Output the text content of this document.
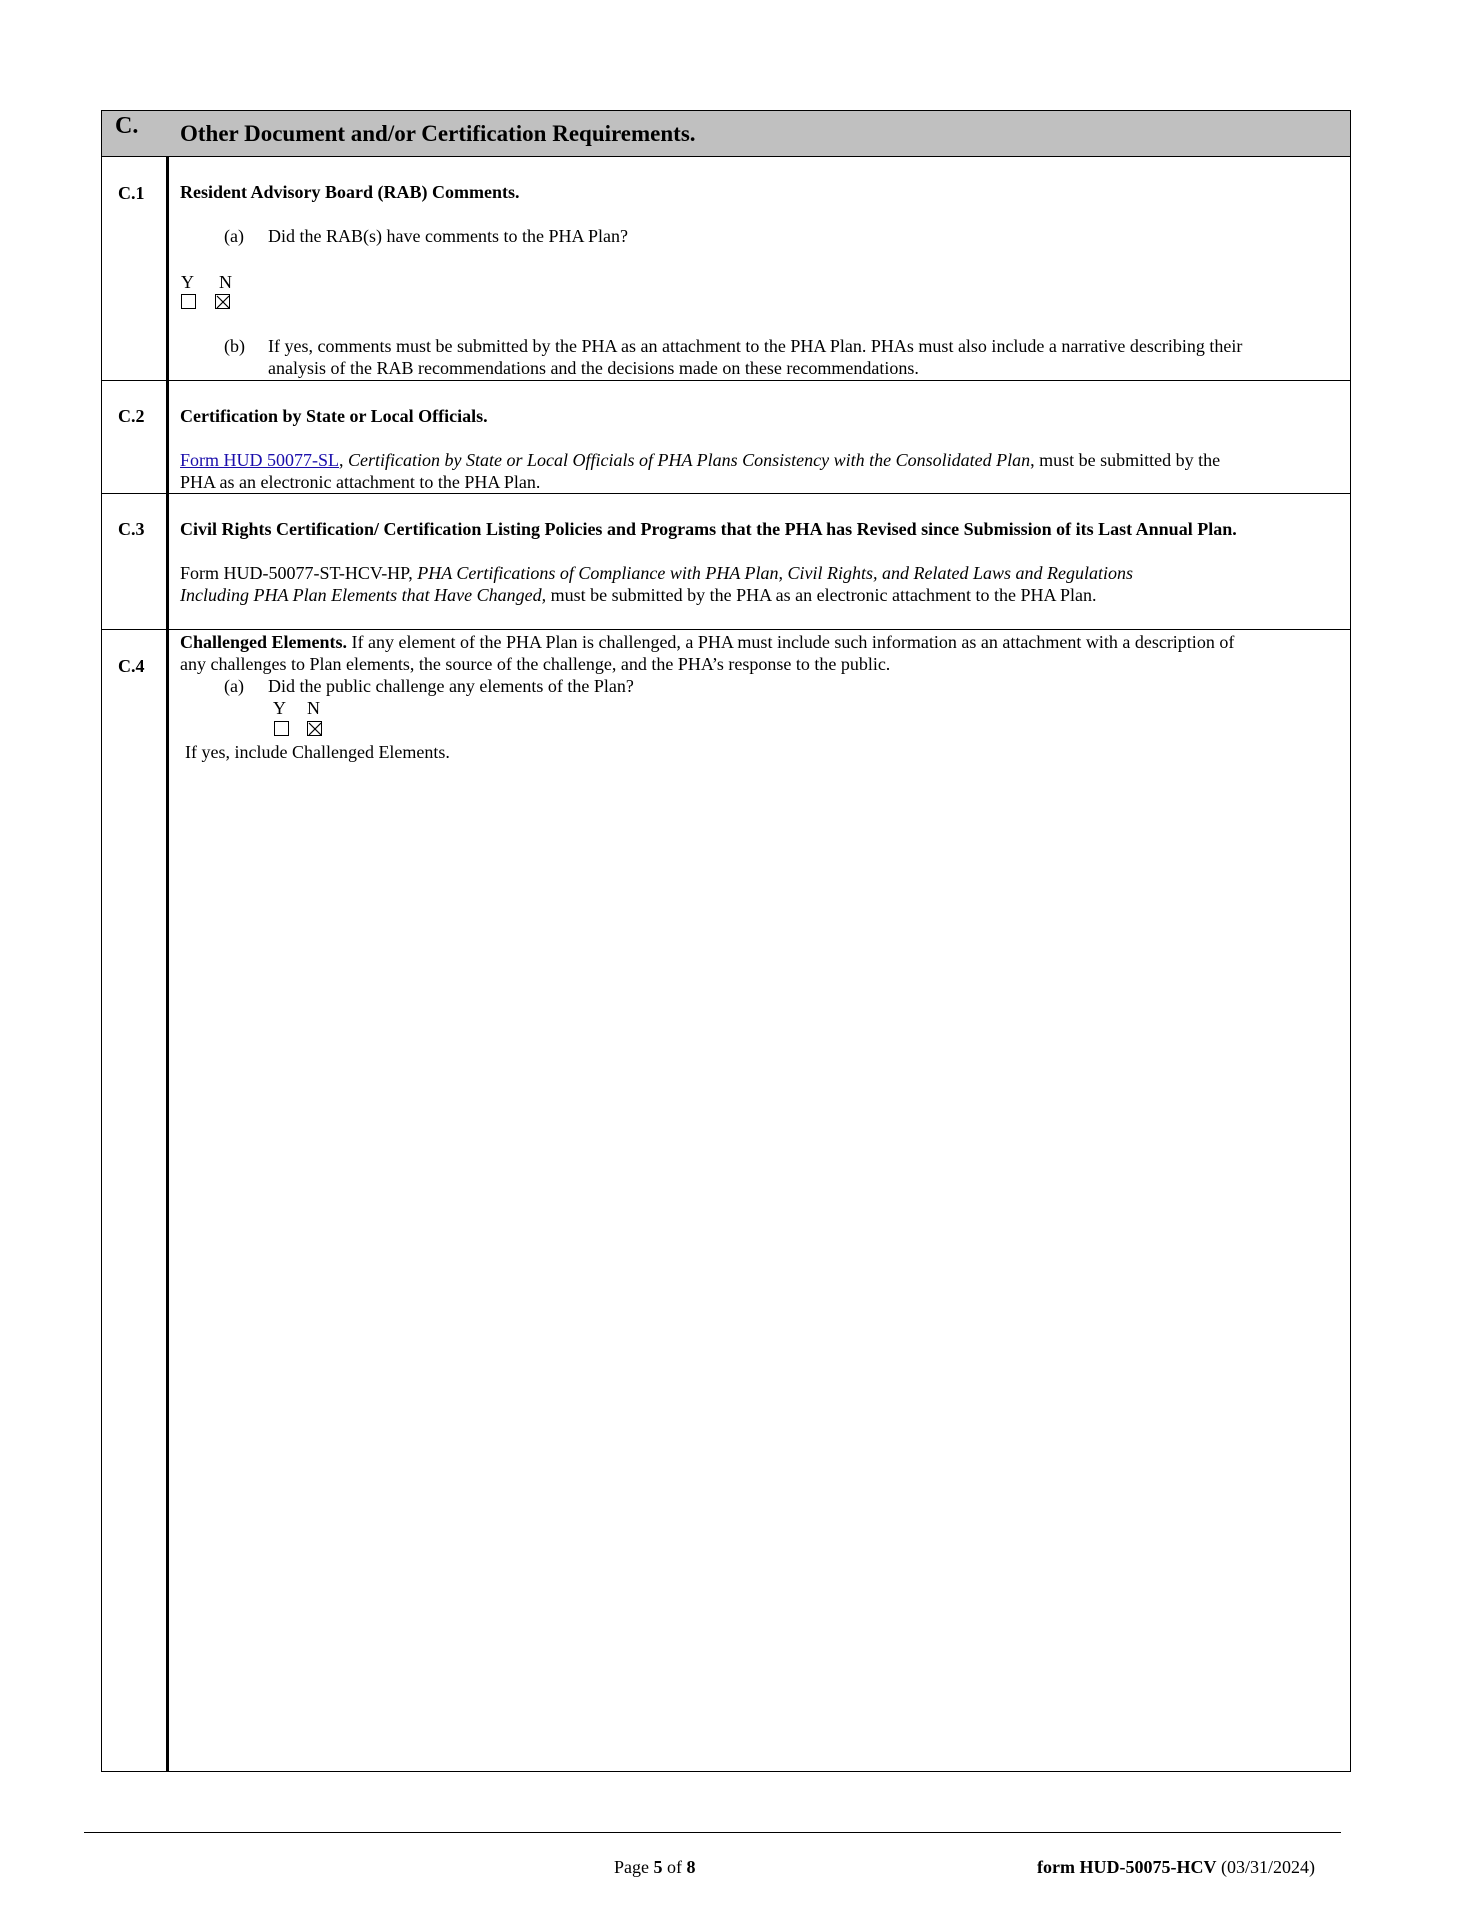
C. Other Document and/or Certification Requirements.
C.1 Resident Advisory Board (RAB) Comments.
(a) Did the RAB(s) have comments to the PHA Plan?
Y N
(b) If yes, comments must be submitted by the PHA as an attachment to the PHA Plan. PHAs must also include a narrative describing their
analysis of the RAB recommendations and the decisions made on these recommendations.
C.2 Certification by State or Local Officials.
Form HUD 50077-SL, Certification by State or Local Officials of PHA Plans Consistency with the Consolidated Plan, must be submitted by the
PHA as an electronic attachment to the PHA Plan.
C.3 Civil Rights Certification/ Certification Listing Policies and Programs that the PHA has Revised since Submission of its Last Annual Plan.
Form HUD-50077-ST-HCV-HP, PHA Certifications of Compliance with PHA Plan, Civil Rights, and Related Laws and Regulations
Including PHA Plan Elements that Have Changed, must be submitted by the PHA as an electronic attachment to the PHA Plan.
C.4
Challenged Elements. If any element of the PHA Plan is challenged, a PHA must include such information as an attachment with a description of
any challenges to Plan elements, the source of the challenge, and the PHA’s response to the public.
(a) Did the public challenge any elements of the Plan?
Y N
If yes, include Challenged Elements.
Page 5 of 8	form HUD-50075-HCV (03/31/2024)
